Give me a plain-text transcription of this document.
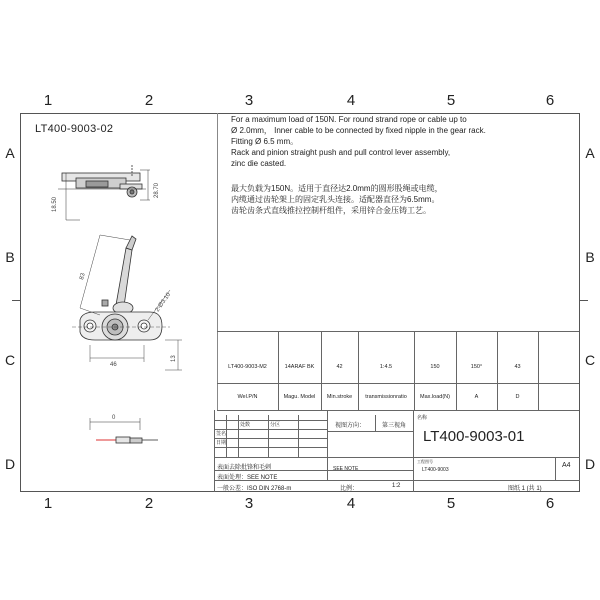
1	2	3	4	5	6
1	2	3	4	5	6
A
B
C
D
A
B
C
D
LT400-9003-02
For a maximum load of 150N. For round strand rope or cable up to
Ø 2.0mm， Inner cable to be connected by fixed nipple in the gear rack.
Fitting Ø 6.5 mm。
Rack and pinion straight push and pull control lever assembly,
zinc die casted.
最大负载为150N。适用于直径达2.0mm的圆形股绳或电缆，
内缆通过齿轮架上的固定乳头连接。适配器直径为6.5mm。
齿轮齿条式直线推拉控制杆组件，采用锌合金压铸工艺。
18.50
28.70
83
2-Ø3.10
46
13
0
LT400-9003-M2	14ARAF BK	42	1:4.5	150	150°	43
Wel.P/N	Magu. Model	Min.stroke	transmissionratio	Max.load(N)	A	D
处数	分区
签名
日期
视图方向：	第三视角
名称
LT400-9003-01
表面去除批锋和毛刺
表面处理：SEE NOTE
SEE NOTE
工程图号
LT400-9003
A4
一般公差：ISO DIN 2768-m	比例：	1:2	图纸 1 (共 1)
